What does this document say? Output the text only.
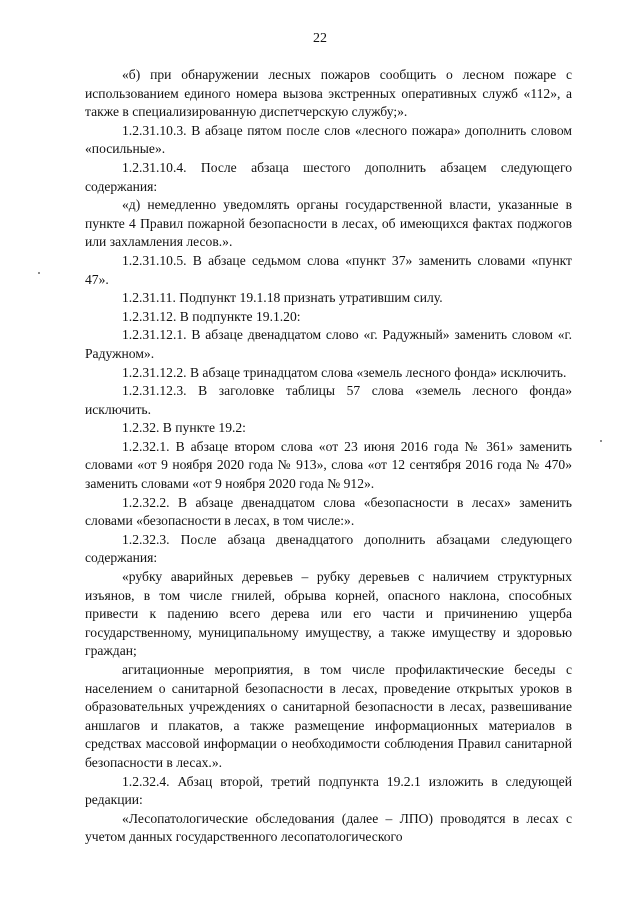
22

«б) при обнаружении лесных пожаров сообщить о лесном пожаре с использованием единого номера вызова экстренных оперативных служб «112», а также в специализированную диспетчерскую службу;».

1.2.31.10.3. В абзаце пятом после слов «лесного пожара» дополнить словом «посильные».

1.2.31.10.4. После абзаца шестого дополнить абзацем следующего содержания:

«д) немедленно уведомлять органы государственной власти, указанные в пункте 4 Правил пожарной безопасности в лесах, об имеющихся фактах поджогов или захламления лесов.».

1.2.31.10.5. В абзаце седьмом слова «пункт 37» заменить словами «пункт 47».

1.2.31.11. Подпункт 19.1.18 признать утратившим силу.

1.2.31.12. В подпункте 19.1.20:

1.2.31.12.1. В абзаце двенадцатом слово «г. Радужный» заменить словом «г. Радужном».

1.2.31.12.2. В абзаце тринадцатом слова «земель лесного фонда» исключить.

1.2.31.12.3. В заголовке таблицы 57 слова «земель лесного фонда» исключить.

1.2.32. В пункте 19.2:

1.2.32.1. В абзаце втором слова «от 23 июня 2016 года № 361» заменить словами «от 9 ноября 2020 года № 913», слова «от 12 сентября 2016 года № 470» заменить словами «от 9 ноября 2020 года № 912».

1.2.32.2. В абзаце двенадцатом слова «безопасности в лесах» заменить словами «безопасности в лесах, в том числе:».

1.2.32.3. После абзаца двенадцатого дополнить абзацами следующего содержания:

«рубку аварийных деревьев – рубку деревьев с наличием структурных изъянов, в том числе гнилей, обрыва корней, опасного наклона, способных привести к падению всего дерева или его части и причинению ущерба государственному, муниципальному имуществу, а также имуществу и здоровью граждан;

агитационные мероприятия, в том числе профилактические беседы с населением о санитарной безопасности в лесах, проведение открытых уроков в образовательных учреждениях о санитарной безопасности в лесах, развешивание аншлагов и плакатов, а также размещение информационных материалов в средствах массовой информации о необходимости соблюдения Правил санитарной безопасности в лесах.».

1.2.32.4. Абзац второй, третий подпункта 19.2.1 изложить в следующей редакции:

«Лесопатологические обследования (далее – ЛПО) проводятся в лесах с учетом данных государственного лесопатологического
